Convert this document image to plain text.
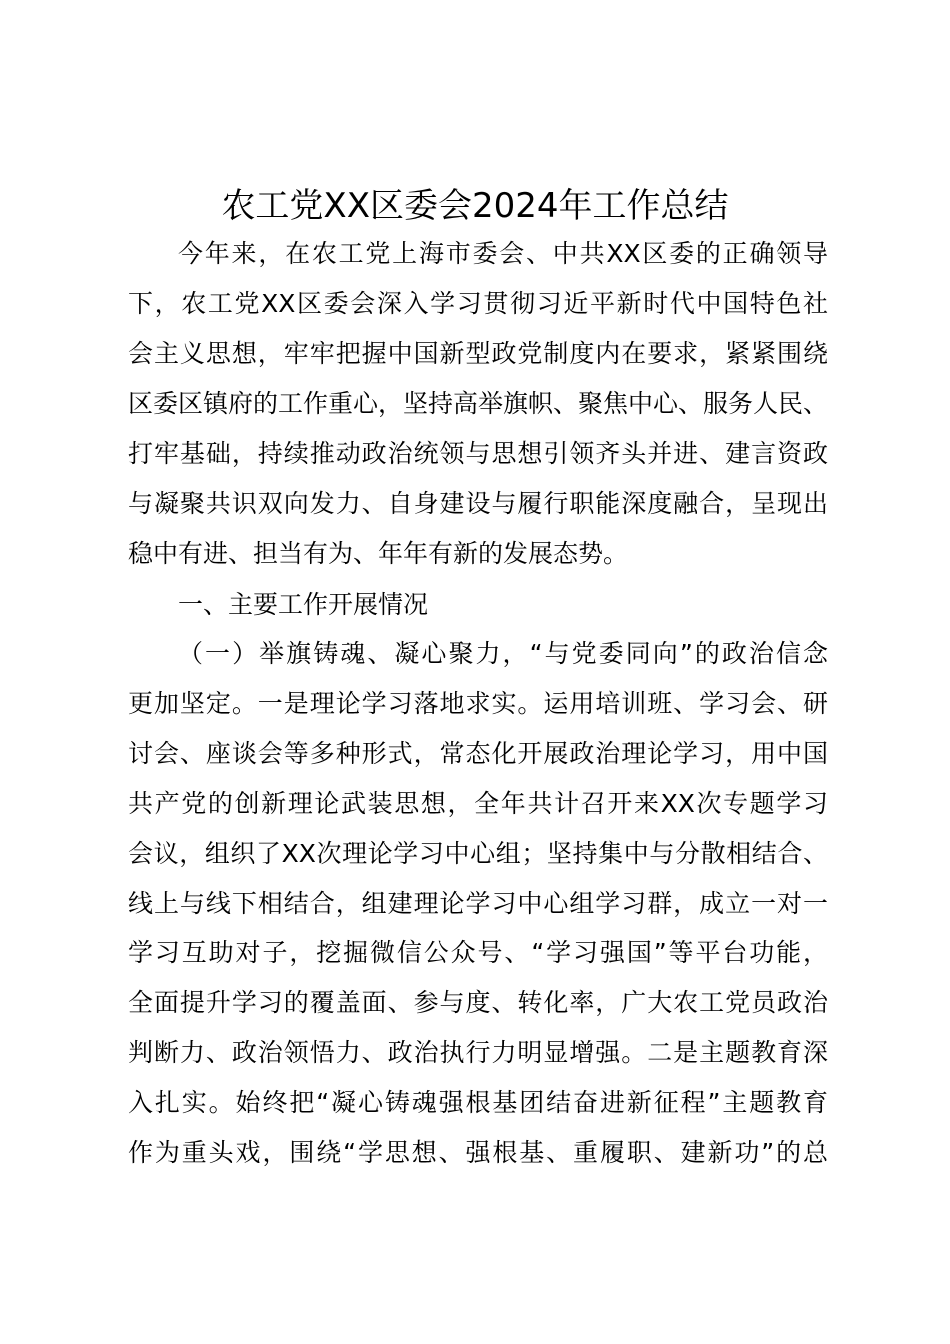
农工党XX区委会2024年工作总结
今年来，在农工党上海市委会、中共XX区委的正确领导
下，农工党XX区委会深入学习贯彻习近平新时代中国特色社
会主义思想，牢牢把握中国新型政党制度内在要求，紧紧围绕
区委区镇府的工作重心，坚持高举旗帜、聚焦中心、服务人民、
打牢基础，持续推动政治统领与思想引领齐头并进、建言资政
与凝聚共识双向发力、自身建设与履行职能深度融合，呈现出
稳中有进、担当有为、年年有新的发展态势。
一、主要工作开展情况
（一）举旗铸魂、凝心聚力，“与党委同向”的政治信念
更加坚定。一是理论学习落地求实。运用培训班、学习会、研
讨会、座谈会等多种形式，常态化开展政治理论学习，用中国
共产党的创新理论武装思想，全年共计召开来XX次专题学习
会议，组织了XX次理论学习中心组；坚持集中与分散相结合、
线上与线下相结合，组建理论学习中心组学习群，成立一对一
学习互助对子，挖掘微信公众号、“学习强国”等平台功能，
全面提升学习的覆盖面、参与度、转化率，广大农工党员政治
判断力、政治领悟力、政治执行力明显增强。二是主题教育深
入扎实。始终把“凝心铸魂强根基团结奋进新征程”主题教育
作为重头戏，围绕“学思想、强根基、重履职、建新功”的总
